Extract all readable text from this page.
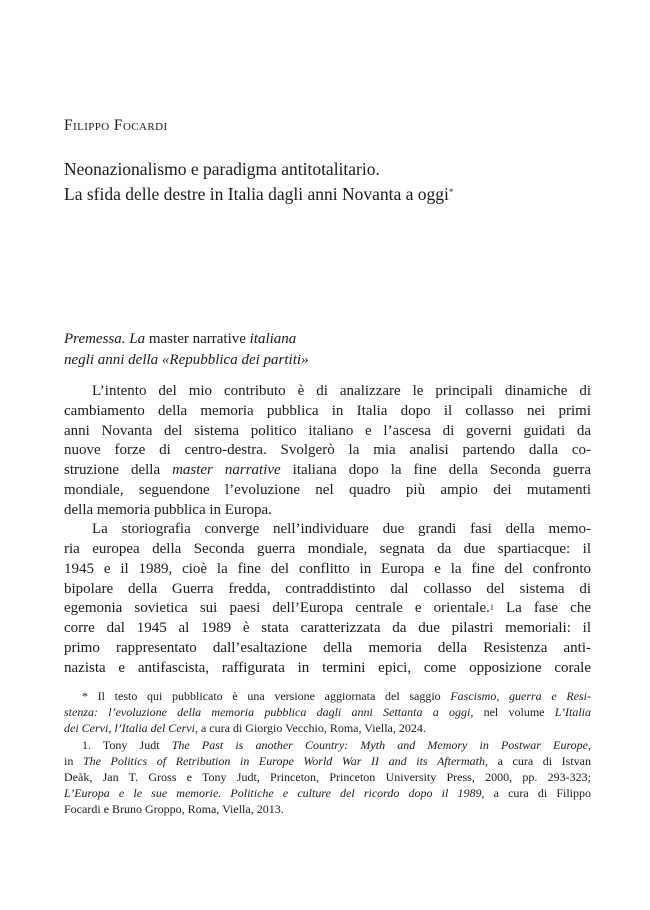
Filippo Focardi
Neonazionalismo e paradigma antitotalitario.
La sfida delle destre in Italia dagli anni Novanta a oggi*
Premessa. La master narrative italiana
negli anni della «Repubblica dei partiti»
L’intento del mio contributo è di analizzare le principali dinamiche di
cambiamento della memoria pubblica in Italia dopo il collasso nei primi
anni Novanta del sistema politico italiano e l’ascesa di governi guidati da
nuove forze di centro-destra. Svolgerò la mia analisi partendo dalla co-
struzione della master narrative italiana dopo la fine della Seconda guerra
mondiale, seguendone l’evoluzione nel quadro più ampio dei mutamenti
della memoria pubblica in Europa.
La storiografia converge nell’individuare due grandi fasi della memo-
ria europea della Seconda guerra mondiale, segnata da due spartiacque: il
1945 e il 1989, cioè la fine del conflitto in Europa e la fine del confronto
bipolare della Guerra fredda, contraddistinto dal collasso del sistema di
egemonia sovietica sui paesi dell’Europa centrale e orientale.$^1$ La fase che
corre dal 1945 al 1989 è stata caratterizzata da due pilastri memoriali: il
primo rappresentato dall’esaltazione della memoria della Resistenza anti-
nazista e antifascista, raffigurata in termini epici, come opposizione corale
* Il testo qui pubblicato è una versione aggiornata del saggio Fascismo, guerra e Resi-
stenza: l’evoluzione della memoria pubblica dagli anni Settanta a oggi, nel volume L’Italia
dei Cervi, l’Italia del Cervi, a cura di Giorgio Vecchio, Roma, Viella, 2024.
1. Tony Judt The Past is another Country: Myth and Memory in Postwar Europe,
in The Politics of Retribution in Europe World War II and its Aftermath, a cura di Istvan
Deàk, Jan T. Gross e Tony Judt, Princeton, Princeton University Press, 2000, pp. 293-323;
L’Europa e le sue memorie. Politiche e culture del ricordo dopo il 1989, a cura di Filippo
Focardi e Bruno Groppo, Roma, Viella, 2013.
